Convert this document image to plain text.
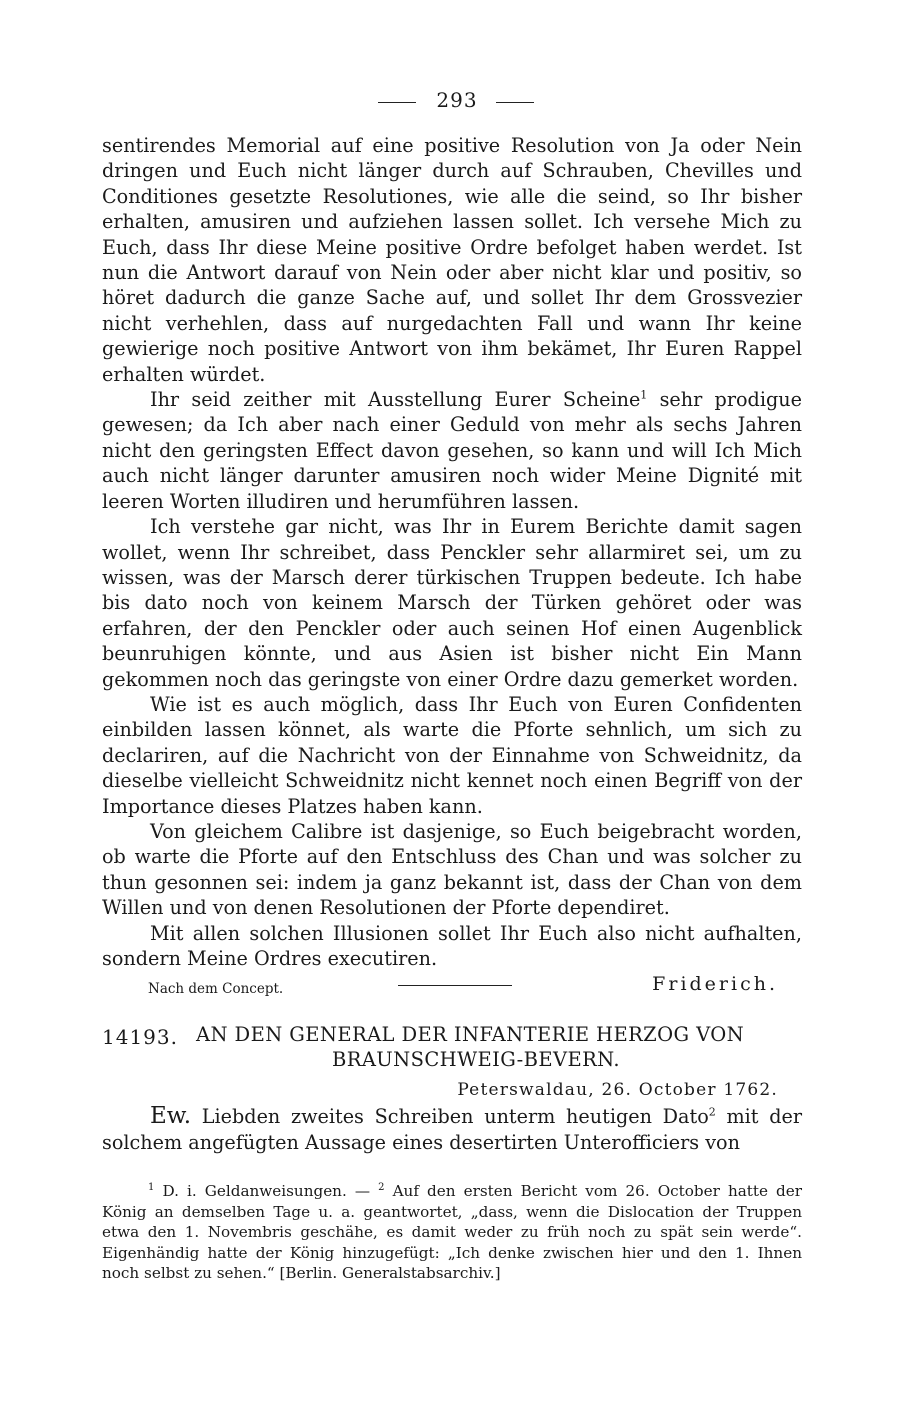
293

sentirendes Memorial auf eine positive Resolution von Ja oder Nein dringen und Euch nicht länger durch auf Schrauben, Chevilles und Conditiones gesetzte Resolutiones, wie alle die seind, so Ihr bisher erhalten, amusiren und aufziehen lassen sollet. Ich versehe Mich zu Euch, dass Ihr diese Meine positive Ordre befolget haben werdet. Ist nun die Antwort darauf von Nein oder aber nicht klar und positiv, so höret dadurch die ganze Sache auf, und sollet Ihr dem Grossvezier nicht verhehlen, dass auf nurgedachten Fall und wann Ihr keine gewierige noch positive Antwort von ihm bekämet, Ihr Euren Rappel erhalten würdet.

Ihr seid zeither mit Ausstellung Eurer Scheine$^1$ sehr prodigue gewesen; da Ich aber nach einer Geduld von mehr als sechs Jahren nicht den geringsten Effect davon gesehen, so kann und will Ich Mich auch nicht länger darunter amusiren noch wider Meine Dignité mit leeren Worten illudiren und herumführen lassen.

Ich verstehe gar nicht, was Ihr in Eurem Berichte damit sagen wollet, wenn Ihr schreibet, dass Penckler sehr allarmiret sei, um zu wissen, was der Marsch derer türkischen Truppen bedeute. Ich habe bis dato noch von keinem Marsch der Türken gehöret oder was erfahren, der den Penckler oder auch seinen Hof einen Augenblick beunruhigen könnte, und aus Asien ist bisher nicht Ein Mann gekommen noch das geringste von einer Ordre dazu gemerket worden.

Wie ist es auch möglich, dass Ihr Euch von Euren Confidenten einbilden lassen könnet, als warte die Pforte sehnlich, um sich zu declariren, auf die Nachricht von der Einnahme von Schweidnitz, da dieselbe vielleicht Schweidnitz nicht kennet noch einen Begriff von der Importance dieses Platzes haben kann.

Von gleichem Calibre ist dasjenige, so Euch beigebracht worden, ob warte die Pforte auf den Entschluss des Chan und was solcher zu thun gesonnen sei: indem ja ganz bekannt ist, dass der Chan von dem Willen und von denen Resolutionen der Pforte dependiret.

Mit allen solchen Illusionen sollet Ihr Euch also nicht aufhalten, sondern Meine Ordres executiren.

Nach dem Concept.	Friderich.
14193. AN DEN GENERAL DER INFANTERIE HERZOG VON
BRAUNSCHWEIG-BEVERN.
Peterswaldau, 26. October 1762.

Ew. Liebden zweites Schreiben unterm heutigen Dato$^2$ mit der solchem angefügten Aussage eines desertirten Unterofficiers von

$^1$ D. i. Geldanweisungen. — $^2$ Auf den ersten Bericht vom 26. October hatte der König an demselben Tage u. a. geantwortet, „dass, wenn die Dislocation der Truppen etwa den 1. Novembris geschähe, es damit weder zu früh noch zu spät sein werde“. Eigenhändig hatte der König hinzugefügt: „Ich denke zwischen hier und den 1. Ihnen noch selbst zu sehen.“ [Berlin. Generalstabsarchiv.]
